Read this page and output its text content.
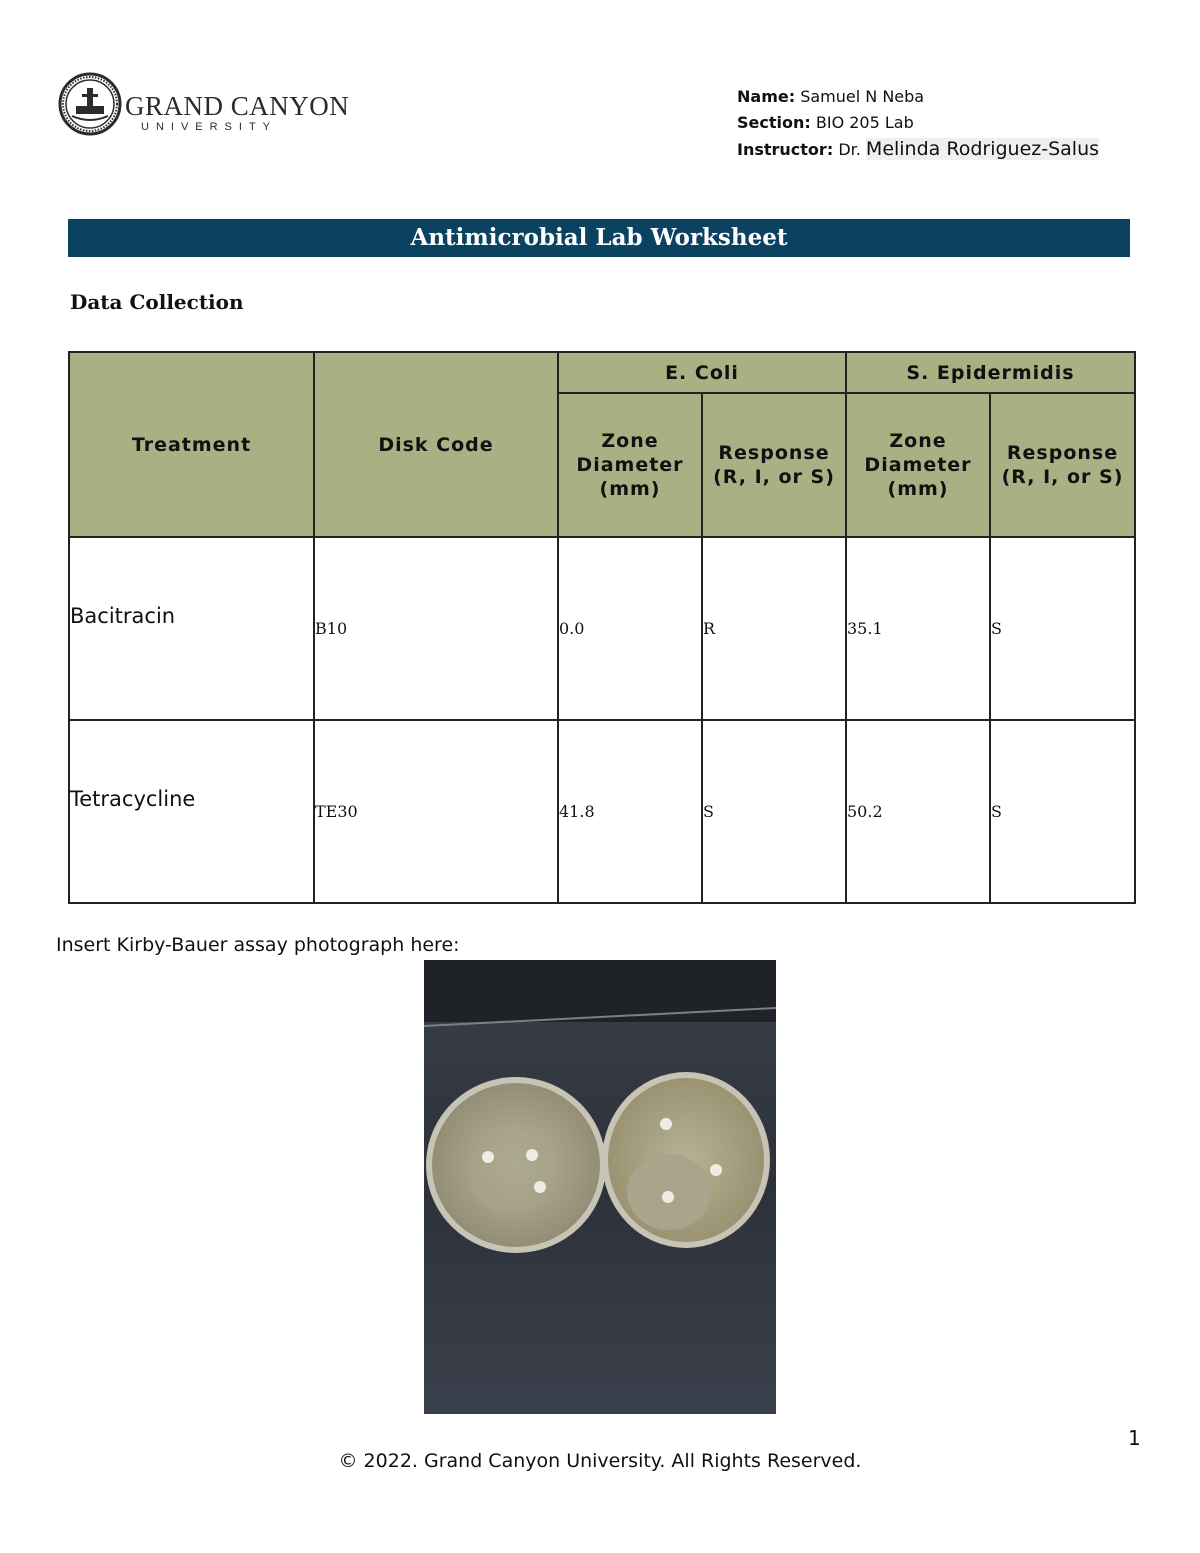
GRAND CANYON
UNIVERSITY
Name: Samuel N Neba
Section: BIO 205 Lab
Instructor: Dr. Melinda Rodriguez-Salus
Antimicrobial Lab Worksheet
Data Collection
Treatment	Disk Code	E. Coli		S. Epidermidis	
		Zone Diameter (mm)	Response (R, I, or S)	Zone Diameter (mm)	Response (R, I, or S)
Bacitracin	B10	0.0	R	35.1	S
Tetracycline	TE30	41.8	S	50.2	S
Insert Kirby-Bauer assay photograph here:
1
© 2022. Grand Canyon University. All Rights Reserved.
